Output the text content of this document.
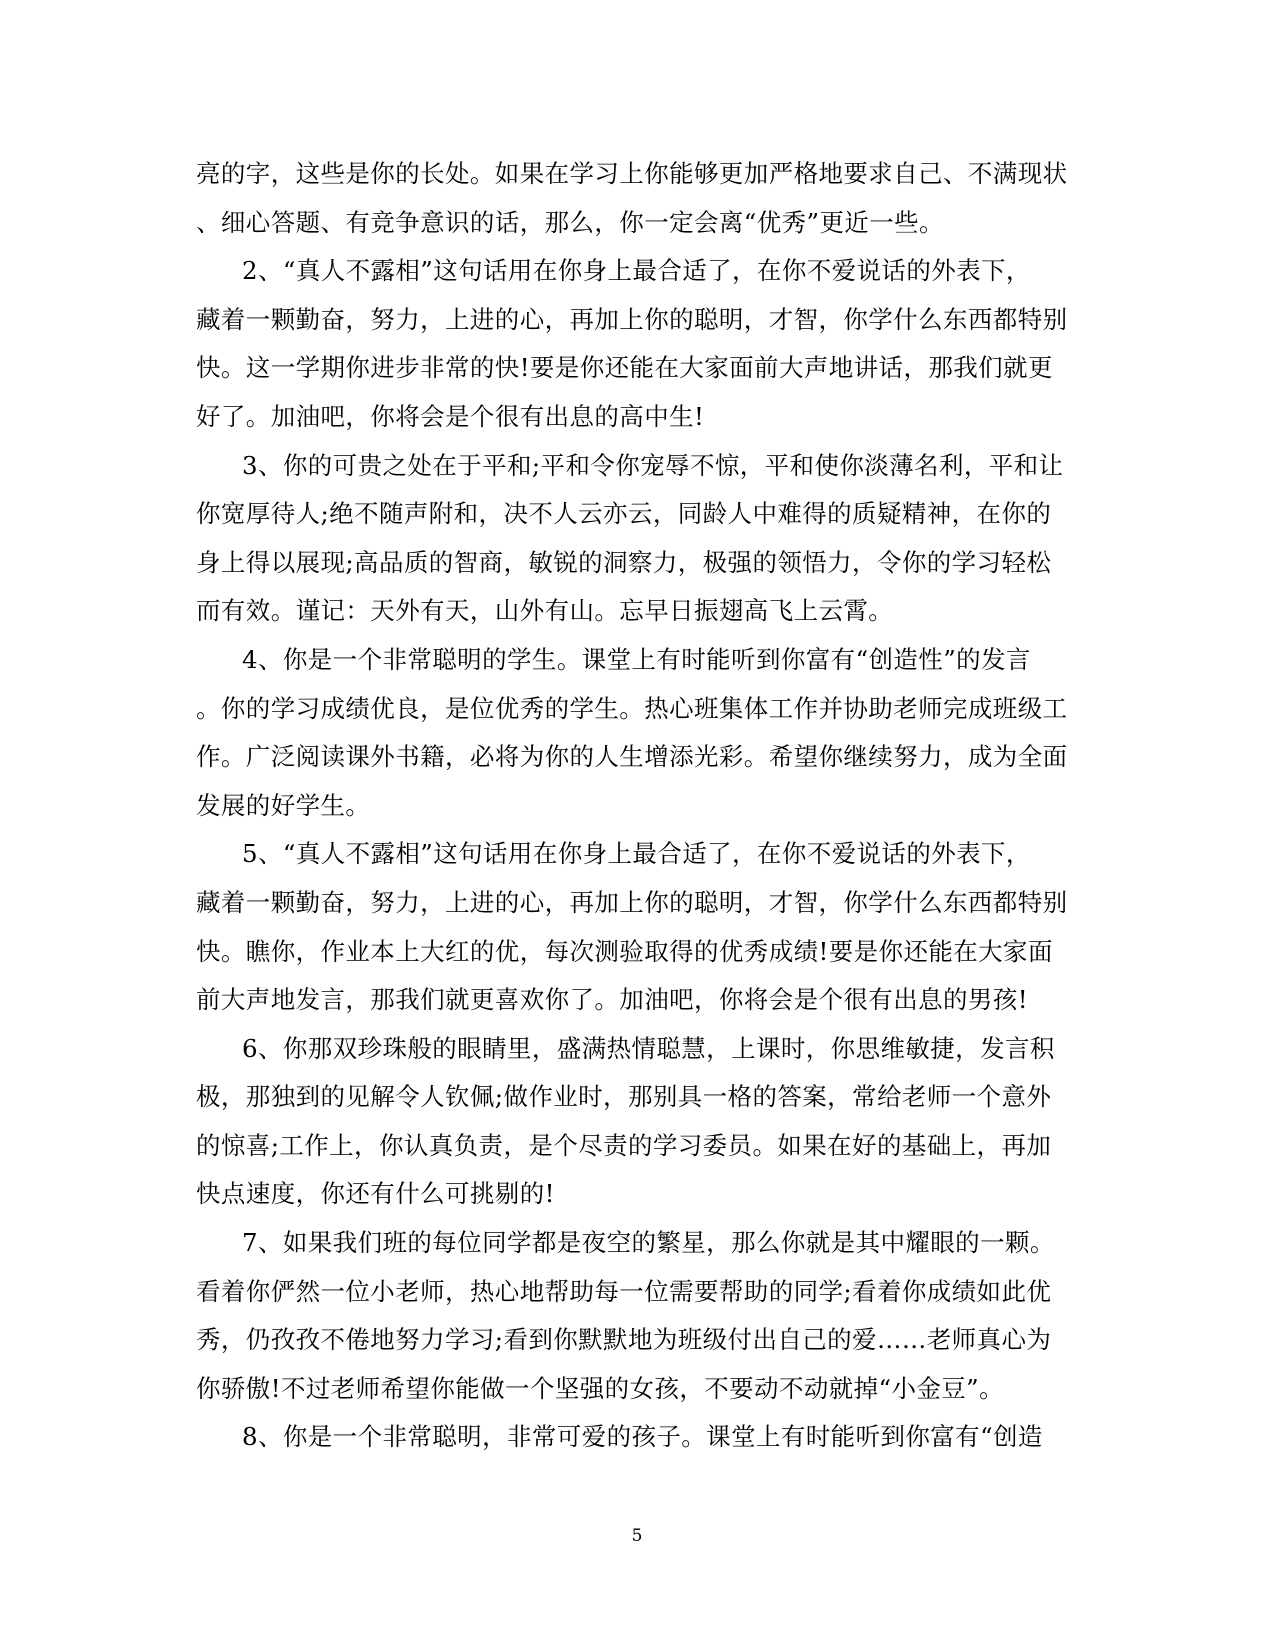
亮的字，这些是你的长处。如果在学习上你能够更加严格地要求自己、不满现状
、细心答题、有竞争意识的话，那么，你一定会离“优秀”更近一些。
2、“真人不露相”这句话用在你身上最合适了，在你不爱说话的外表下，
藏着一颗勤奋，努力，上进的心，再加上你的聪明，才智，你学什么东西都特别
快。这一学期你进步非常的快!要是你还能在大家面前大声地讲话，那我们就更
好了。加油吧，你将会是个很有出息的高中生!
3、你的可贵之处在于平和;平和令你宠辱不惊，平和使你淡薄名利，平和让
你宽厚待人;绝不随声附和，决不人云亦云，同龄人中难得的质疑精神，在你的
身上得以展现;高品质的智商，敏锐的洞察力，极强的领悟力，令你的学习轻松
而有效。谨记：天外有天，山外有山。忘早日振翅高飞上云霄。
4、你是一个非常聪明的学生。课堂上有时能听到你富有“创造性”的发言
。你的学习成绩优良，是位优秀的学生。热心班集体工作并协助老师完成班级工
作。广泛阅读课外书籍，必将为你的人生增添光彩。希望你继续努力，成为全面
发展的好学生。
5、“真人不露相”这句话用在你身上最合适了，在你不爱说话的外表下，
藏着一颗勤奋，努力，上进的心，再加上你的聪明，才智，你学什么东西都特别
快。瞧你，作业本上大红的优，每次测验取得的优秀成绩!要是你还能在大家面
前大声地发言，那我们就更喜欢你了。加油吧，你将会是个很有出息的男孩!
6、你那双珍珠般的眼睛里，盛满热情聪慧，上课时，你思维敏捷，发言积
极，那独到的见解令人钦佩;做作业时，那别具一格的答案，常给老师一个意外
的惊喜;工作上，你认真负责，是个尽责的学习委员。如果在好的基础上，再加
快点速度，你还有什么可挑剔的!
7、如果我们班的每位同学都是夜空的繁星，那么你就是其中耀眼的一颗。
看着你俨然一位小老师，热心地帮助每一位需要帮助的同学;看着你成绩如此优
秀，仍孜孜不倦地努力学习;看到你默默地为班级付出自己的爱……老师真心为
你骄傲!不过老师希望你能做一个坚强的女孩，不要动不动就掉“小金豆”。
8、你是一个非常聪明，非常可爱的孩子。课堂上有时能听到你富有“创造
5
